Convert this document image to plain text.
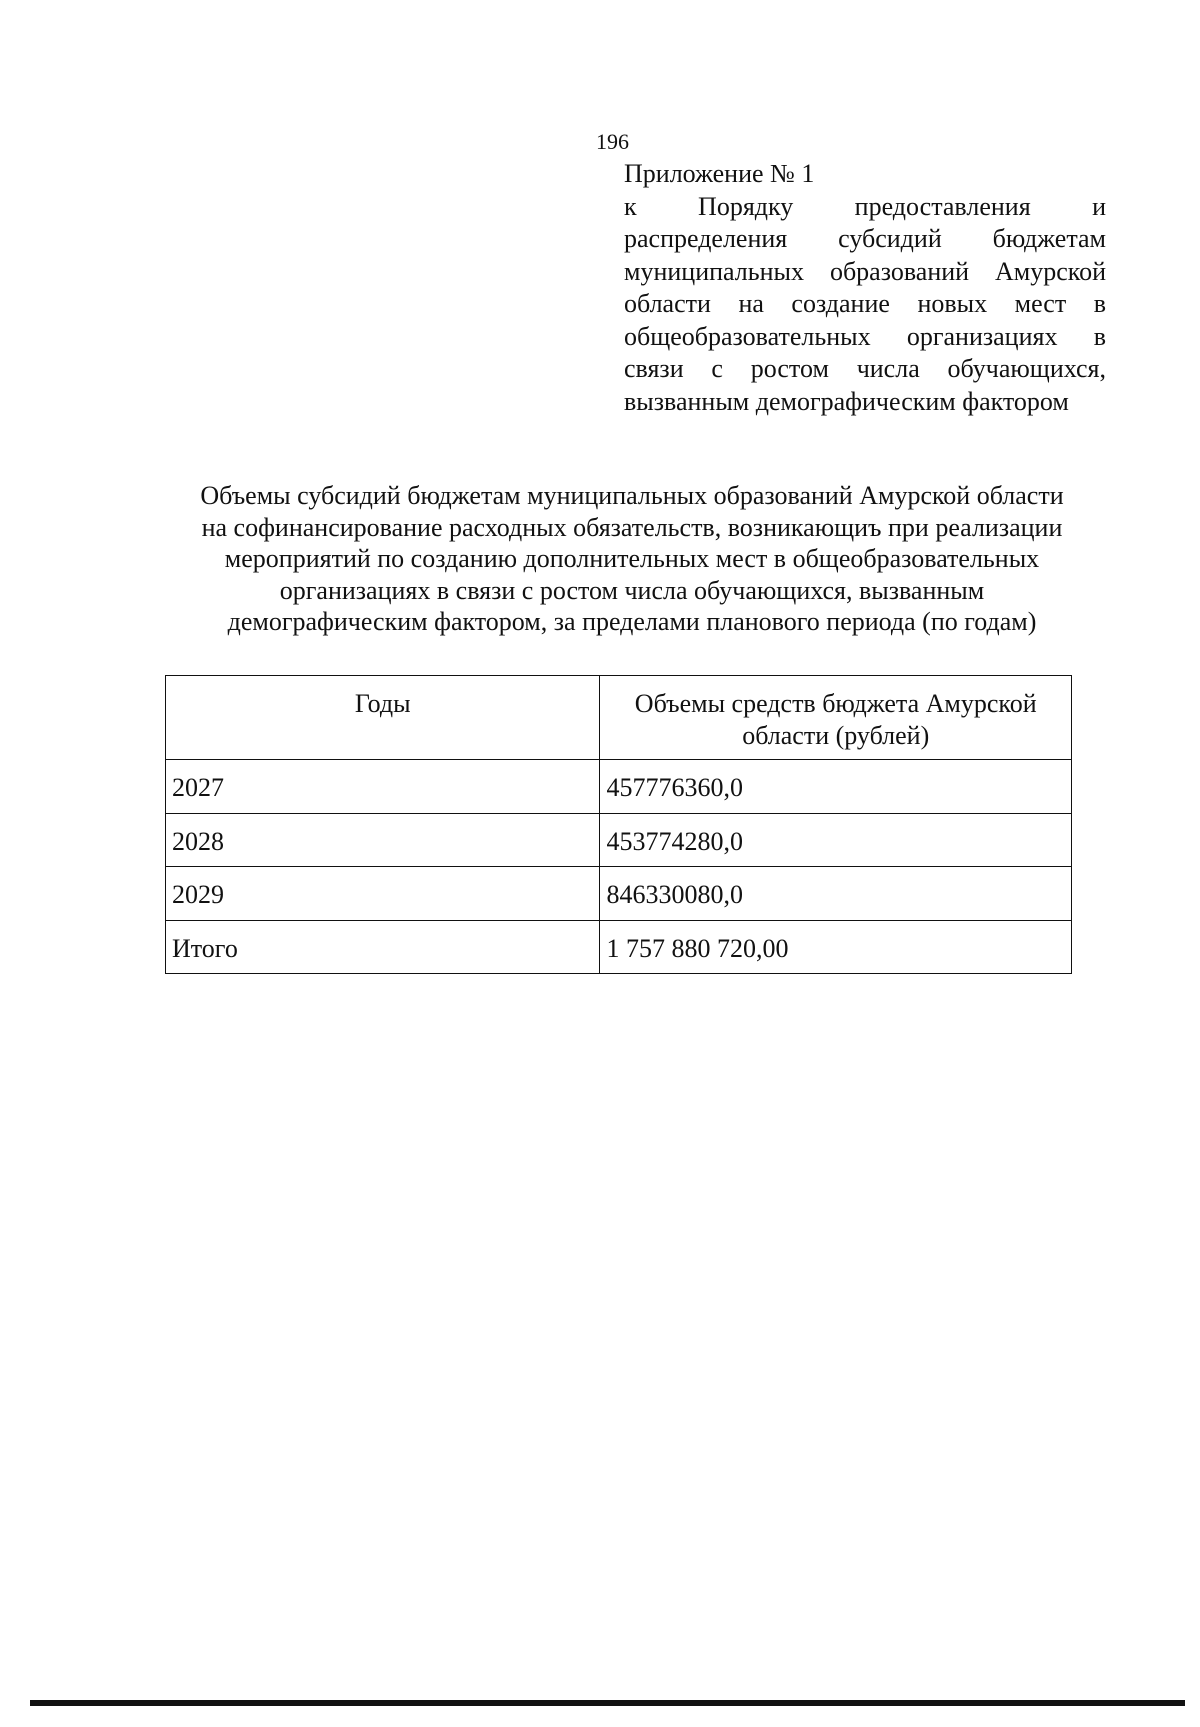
196
Приложение № 1
к Порядку предоставления и распределения субсидий бюджетам муниципальных образований Амурской области на создание новых мест в общеобразовательных организациях в связи с ростом числа обучающихся, вызванным демографическим фактором
Объемы субсидий бюджетам муниципальных образований Амурской области
на софинансирование расходных обязательств, возникающиъ при реализации
мероприятий по созданию дополнительных мест в общеобразовательных
организациях в связи с ростом числа обучающихся, вызванным
демографическим фактором, за пределами планового периода (по годам)
Годы	Объемы средств бюджета Амурской области (рублей)
2027	457776360,0
2028	453774280,0
2029	846330080,0
Итого	1 757 880 720,00
